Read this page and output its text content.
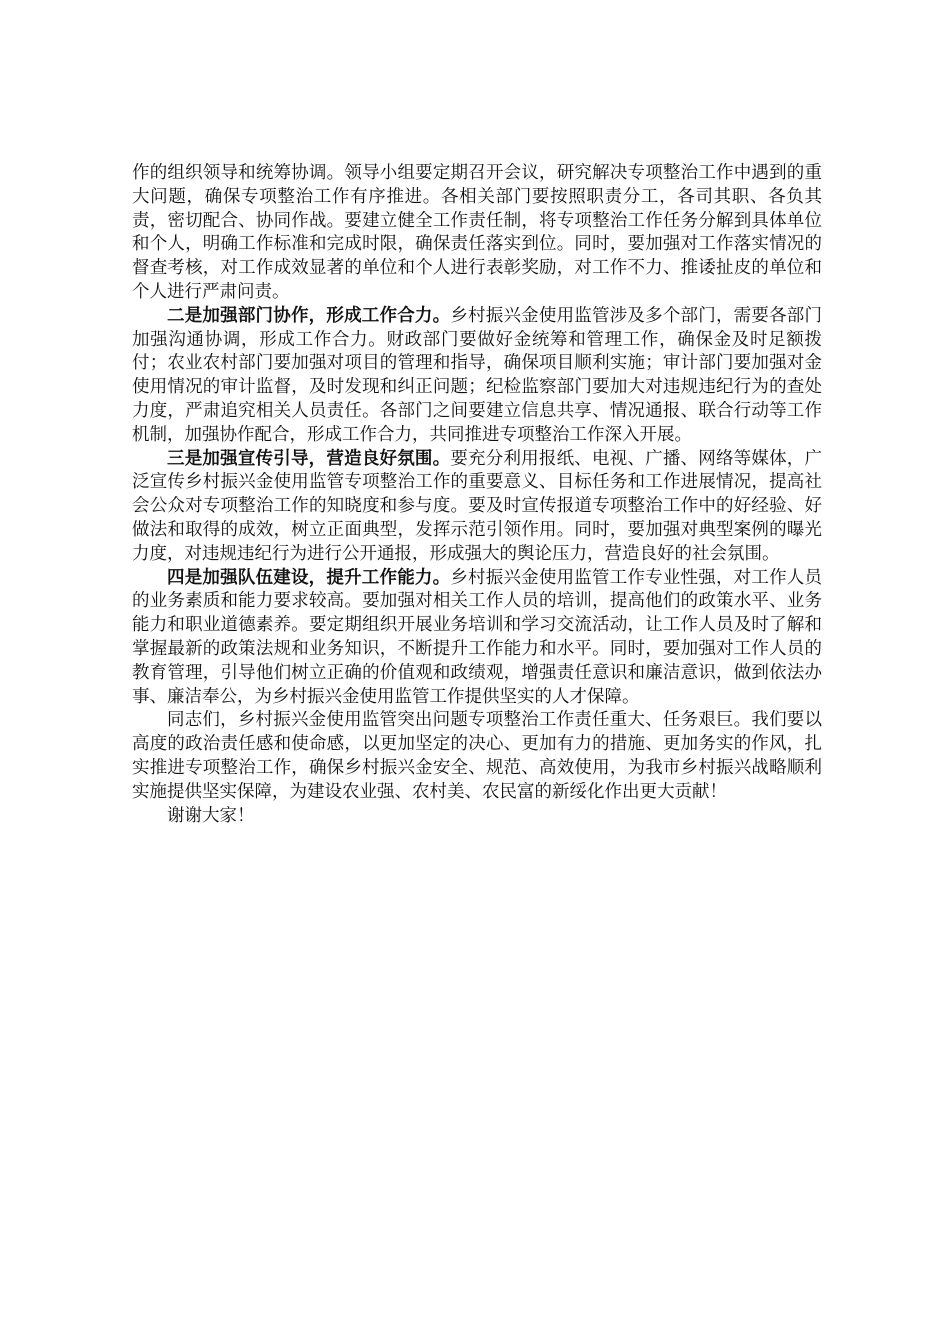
作的组织领导和统筹协调。领导小组要定期召开会议，研究解决专项整治工作中遇到的重大问题，确保专项整治工作有序推进。各相关部门要按照职责分工，各司其职、各负其责，密切配合、协同作战。要建立健全工作责任制，将专项整治工作任务分解到具体单位和个人，明确工作标准和完成时限，确保责任落实到位。同时，要加强对工作落实情况的督查考核，对工作成效显著的单位和个人进行表彰奖励，对工作不力、推诿扯皮的单位和个人进行严肃问责。

二是加强部门协作，形成工作合力。乡村振兴金使用监管涉及多个部门，需要各部门加强沟通协调，形成工作合力。财政部门要做好金统筹和管理工作，确保金及时足额拨付；农业农村部门要加强对项目的管理和指导，确保项目顺利实施；审计部门要加强对金使用情况的审计监督，及时发现和纠正问题；纪检监察部门要加大对违规违纪行为的查处力度，严肃追究相关人员责任。各部门之间要建立信息共享、情况通报、联合行动等工作机制，加强协作配合，形成工作合力，共同推进专项整治工作深入开展。

三是加强宣传引导，营造良好氛围。要充分利用报纸、电视、广播、网络等媒体，广泛宣传乡村振兴金使用监管专项整治工作的重要意义、目标任务和工作进展情况，提高社会公众对专项整治工作的知晓度和参与度。要及时宣传报道专项整治工作中的好经验、好做法和取得的成效，树立正面典型，发挥示范引领作用。同时，要加强对典型案例的曝光力度，对违规违纪行为进行公开通报，形成强大的舆论压力，营造良好的社会氛围。

四是加强队伍建设，提升工作能力。乡村振兴金使用监管工作专业性强，对工作人员的业务素质和能力要求较高。要加强对相关工作人员的培训，提高他们的政策水平、业务能力和职业道德素养。要定期组织开展业务培训和学习交流活动，让工作人员及时了解和掌握最新的政策法规和业务知识，不断提升工作能力和水平。同时，要加强对工作人员的教育管理，引导他们树立正确的价值观和政绩观，增强责任意识和廉洁意识，做到依法办事、廉洁奉公，为乡村振兴金使用监管工作提供坚实的人才保障。

同志们，乡村振兴金使用监管突出问题专项整治工作责任重大、任务艰巨。我们要以高度的政治责任感和使命感，以更加坚定的决心、更加有力的措施、更加务实的作风，扎实推进专项整治工作，确保乡村振兴金安全、规范、高效使用，为我市乡村振兴战略顺利实施提供坚实保障，为建设农业强、农村美、农民富的新绥化作出更大贡献！

谢谢大家！
